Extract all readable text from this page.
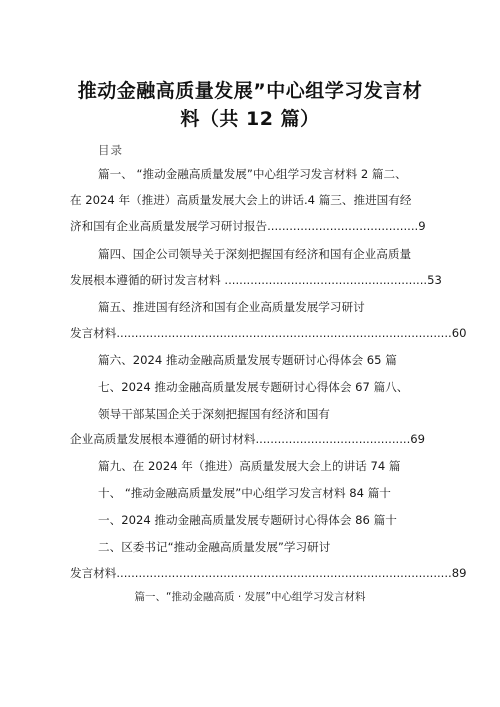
推动金融高质量发展”中心组学习发言材
料（共 12 篇）
目录
篇一、 “推动金融高质量发展”中心组学习发言材料 2 篇二、
在 2024 年（推进）高质量发展大会上的讲话.4 篇三、推进国有经
济和国有企业高质量发展学习研讨报告.........................................9
篇四、国企公司领导关于深刻把握国有经济和国有企业高质量
发展根本遵循的研讨发言材料 .......................................................53
篇五、推进国有经济和国有企业高质量发展学习研讨
发言材料...........................................................................................60
篇六、2024 推动金融高质量发展专题研讨心得体会 65 篇
七、2024 推动金融高质量发展专题研讨心得体会 67 篇八、
领导干部某国企关于深刻把握国有经济和国有
企业高质量发展根本遵循的研讨材料..........................................69
篇九、在 2024 年（推进）高质量发展大会上的讲话 74 篇
十、 “推动金融高质量发展”中心组学习发言材料 84 篇十
一、2024 推动金融高质量发展专题研讨心得体会 86 篇十
二、区委书记“推动金融高质量发展”学习研讨
发言材料...........................................................................................89
篇一、“推动金融高质 · 发展”中心组学习发言材料
